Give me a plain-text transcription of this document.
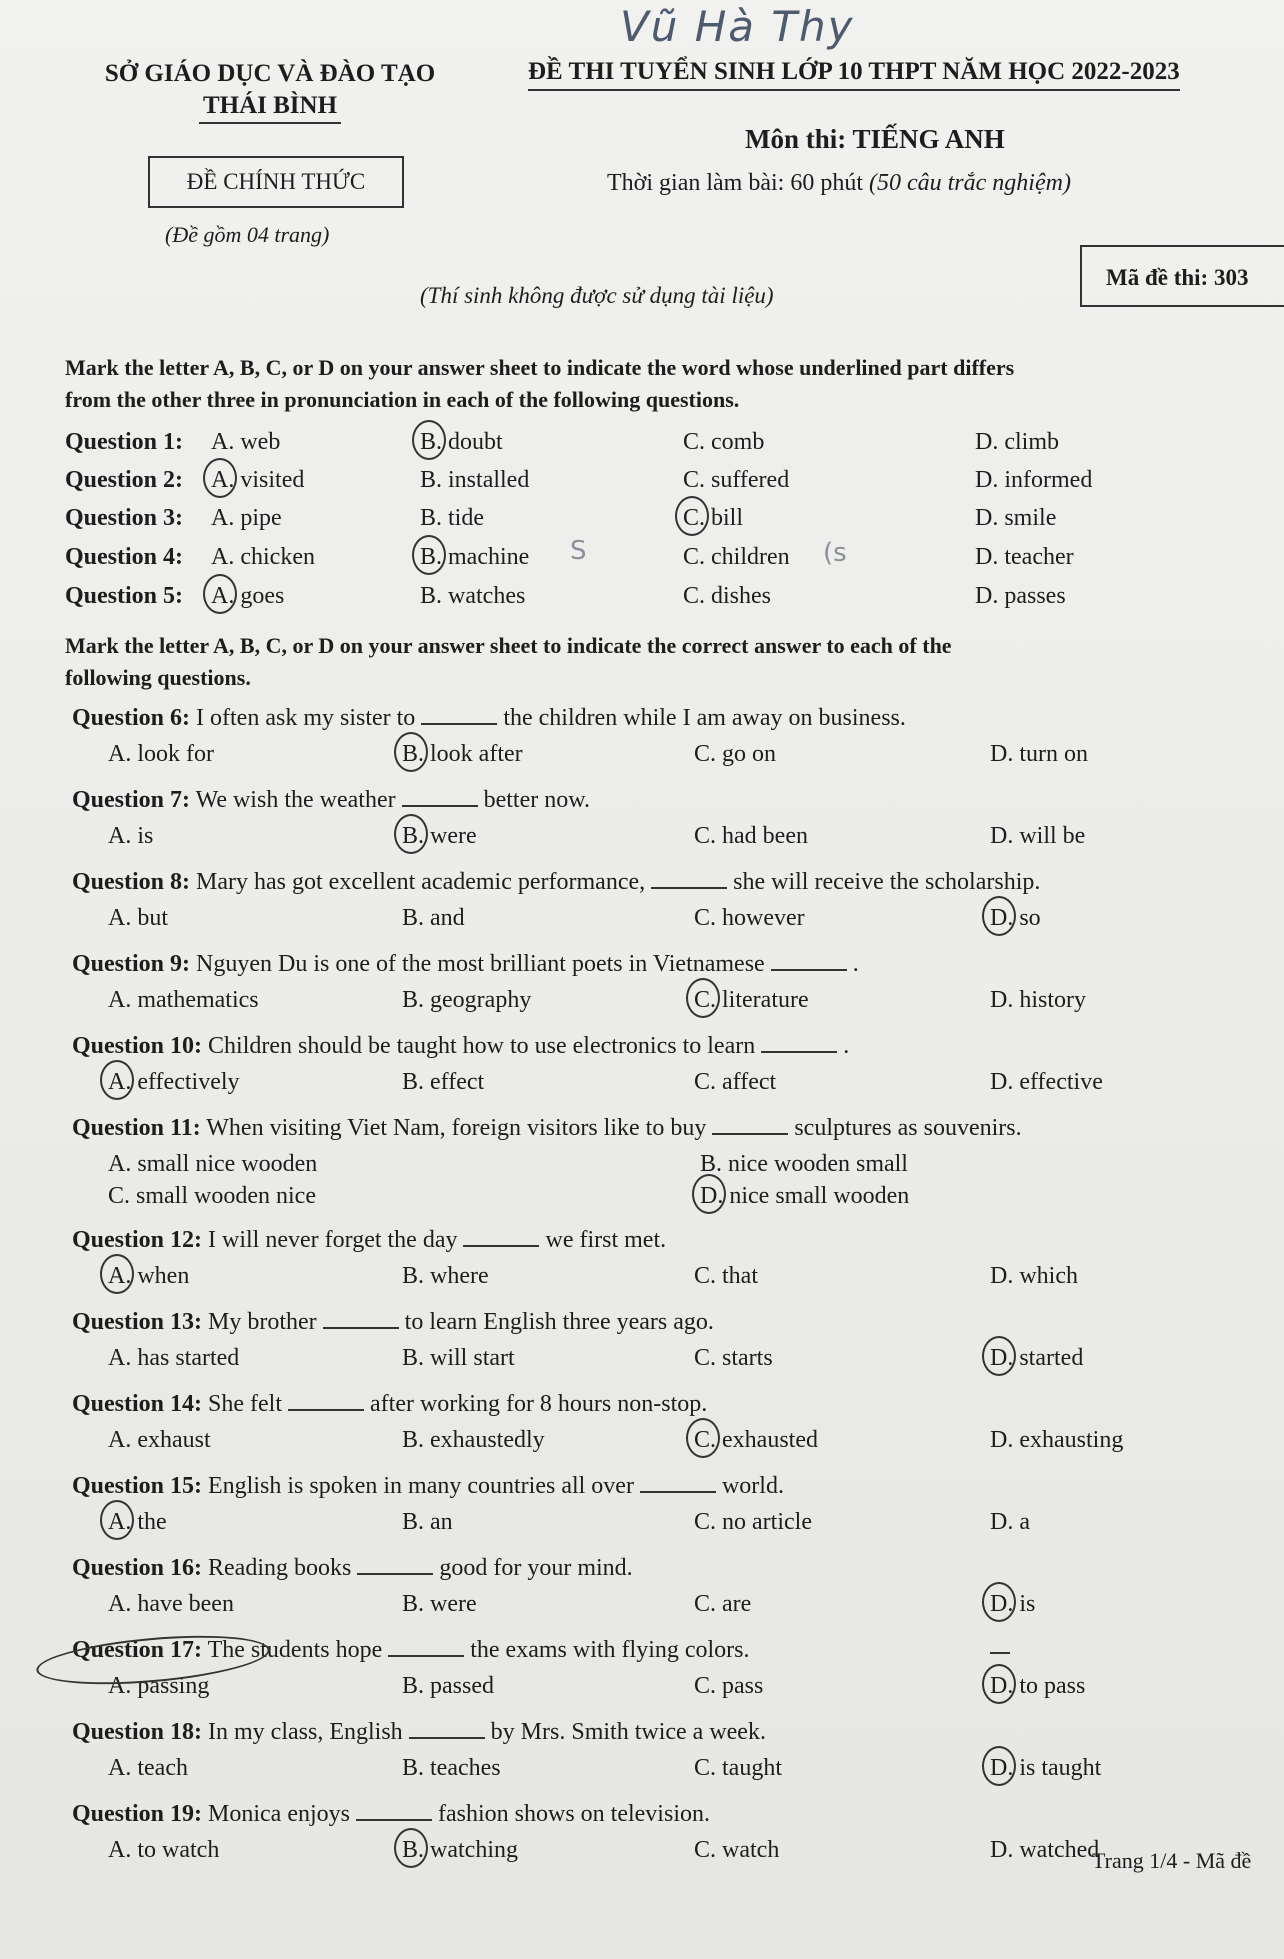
Vũ Hà Thy
SỞ GIÁO DỤC VÀ ĐÀO TẠO
THÁI BÌNH
ĐỀ CHÍNH THỨC
(Đề gồm 04 trang)
ĐỀ THI TUYỂN SINH LỚP 10 THPT NĂM HỌC 2022-2023
Môn thi: TIẾNG ANH
Thời gian làm bài: 60 phút (50 câu trắc nghiệm)
Mã đề thi: 303
(Thí sinh không được sử dụng tài liệu)
Mark the letter A, B, C, or D on your answer sheet to indicate the word whose underlined part differs
from the other three in pronunciation in each of the following questions.
Question 1: A. web	B. doubt	C. comb	D. climb
Question 2: A. visited	B. installed	C. suffered	D. informed
Question 3: A. pipe	B. tide	C. bill	D. smile
Question 4: A. chicken	B. machine	C. children	D. teacher
Question 5: A. goes	B. watches	C. dishes	D. passes
S	(s
Mark the letter A, B, C, or D on your answer sheet to indicate the correct answer to each of the
following questions.
Question 6: I often ask my sister to	the children while I am away on business.
A. look for	B. look after	C. go on	D. turn on
Question 7: We wish the weather	better now.
A. is	B. were	C. had been	D. will be
Question 8: Mary has got excellent academic performance,	she will receive the scholarship.
A. but	B. and	C. however	D. so
Question 9: Nguyen Du is one of the most brilliant poets in Vietnamese	.
A. mathematics	B. geography	C. literature	D. history
Question 10: Children should be taught how to use electronics to learn	.
A. effectively	B. effect	C. affect	D. effective
Question 11: When visiting Viet Nam, foreign visitors like to buy	sculptures as souvenirs.
A. small nice wooden	B. nice wooden small
C. small wooden nice	D. nice small wooden
Question 12: I will never forget the day	we first met.
A. when	B. where	C. that	D. which
Question 13: My brother	to learn English three years ago.
A. has started	B. will start	C. starts	D. started
Question 14: She felt	after working for 8 hours non-stop.
A. exhaust	B. exhaustedly	C. exhausted	D. exhausting
Question 15: English is spoken in many countries all over	world.
A. the	B. an	C. no article	D. a
Question 16: Reading books	good for your mind.
A. have been	B. were	C. are	D. is
Question 17: The students hope	the exams with flying colors.
A. passing	B. passed	C. pass	D. to pass
Question 18: In my class, English	by Mrs. Smith twice a week.
A. teach	B. teaches	C. taught	D. is taught
Question 19: Monica enjoys	fashion shows on television.
A. to watch	B. watching	C. watch	D. watched
Trang 1/4 - Mã đề
